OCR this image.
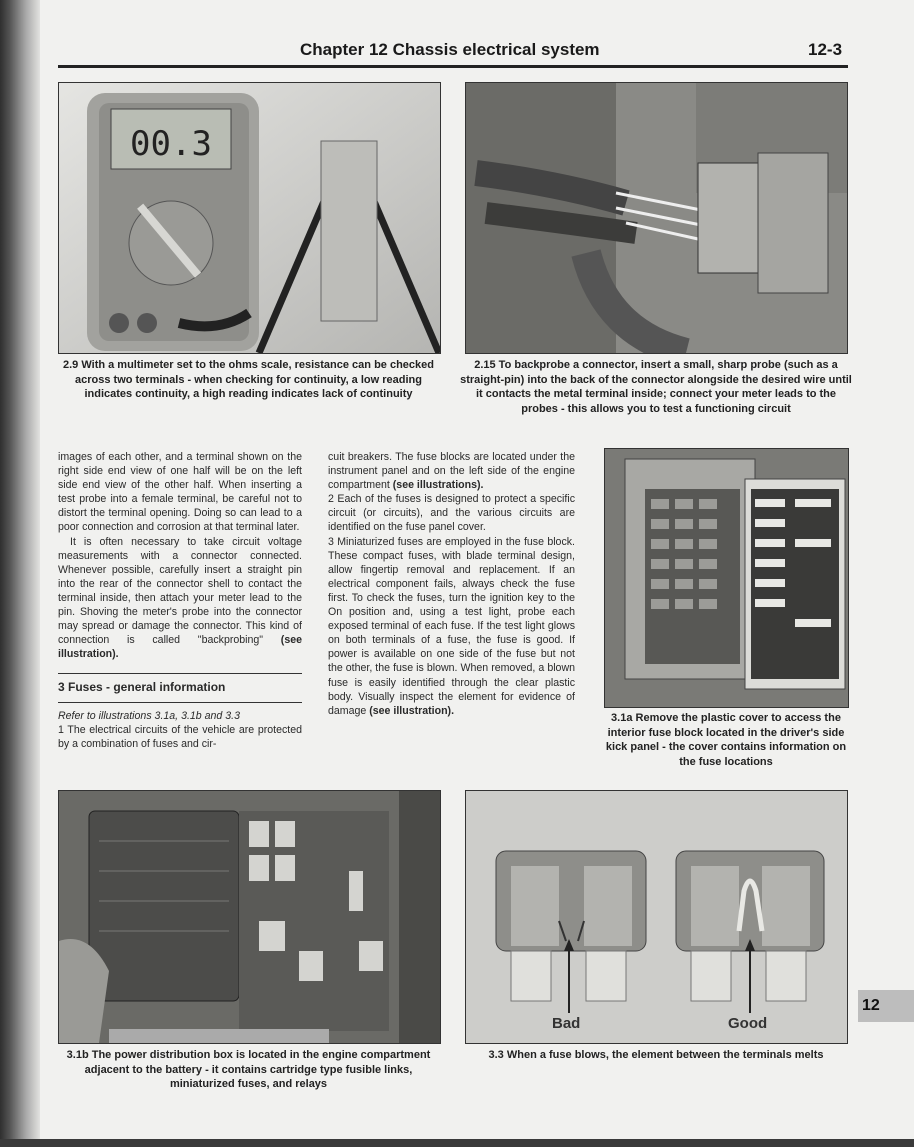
Chapter 12 Chassis electrical system	12-3
00.3
2.9 With a multimeter set to the ohms scale, resistance can be checked across two terminals - when checking for continuity, a low reading indicates continuity, a high reading indicates lack of continuity
2.15 To backprobe a connector, insert a small, sharp probe (such as a straight-pin) into the back of the connector alongside the desired wire until it contacts the metal terminal inside; connect your meter leads to the probes - this allows you to test a functioning circuit

images of each other, and a terminal shown on the right side end view of one half will be on the left side end view of the other half. When inserting a test probe into a female terminal, be careful not to distort the terminal opening. Doing so can lead to a poor connection and corrosion at that terminal later.

It is often necessary to take circuit voltage measurements with a connector connected. Whenever possible, carefully insert a straight pin into the rear of the connector shell to contact the terminal inside, then attach your meter lead to the pin. Shoving the meter's probe into the connector may spread or damage the connector. This kind of connection is called "backprobing" (see illustration).

3 Fuses - general information

Refer to illustrations 3.1a, 3.1b and 3.3

1 The electrical circuits of the vehicle are protected by a combination of fuses and cir-

cuit breakers. The fuse blocks are located under the instrument panel and on the left side of the engine compartment (see illustrations).

2 Each of the fuses is designed to protect a specific circuit (or circuits), and the various circuits are identified on the fuse panel cover.

3 Miniaturized fuses are employed in the fuse block. These compact fuses, with blade terminal design, allow fingertip removal and replacement. If an electrical component fails, always check the fuse first. To check the fuses, turn the ignition key to the On position and, using a test light, probe each exposed terminal of each fuse. If the test light glows on both terminals of a fuse, the fuse is good. If power is available on one side of the fuse but not the other, the fuse is blown. When removed, a blown fuse is easily identified through the clear plastic body. Visually inspect the element for evidence of damage (see illustration).

3.1a Remove the plastic cover to access the interior fuse block located in the driver's side kick panel - the cover contains information on the fuse locations
3.1b The power distribution box is located in the engine compartment adjacent to the battery - it contains cartridge type fusible links, miniaturized fuses, and relays
Bad	Good
3.3 When a fuse blows, the element between the terminals melts
12
